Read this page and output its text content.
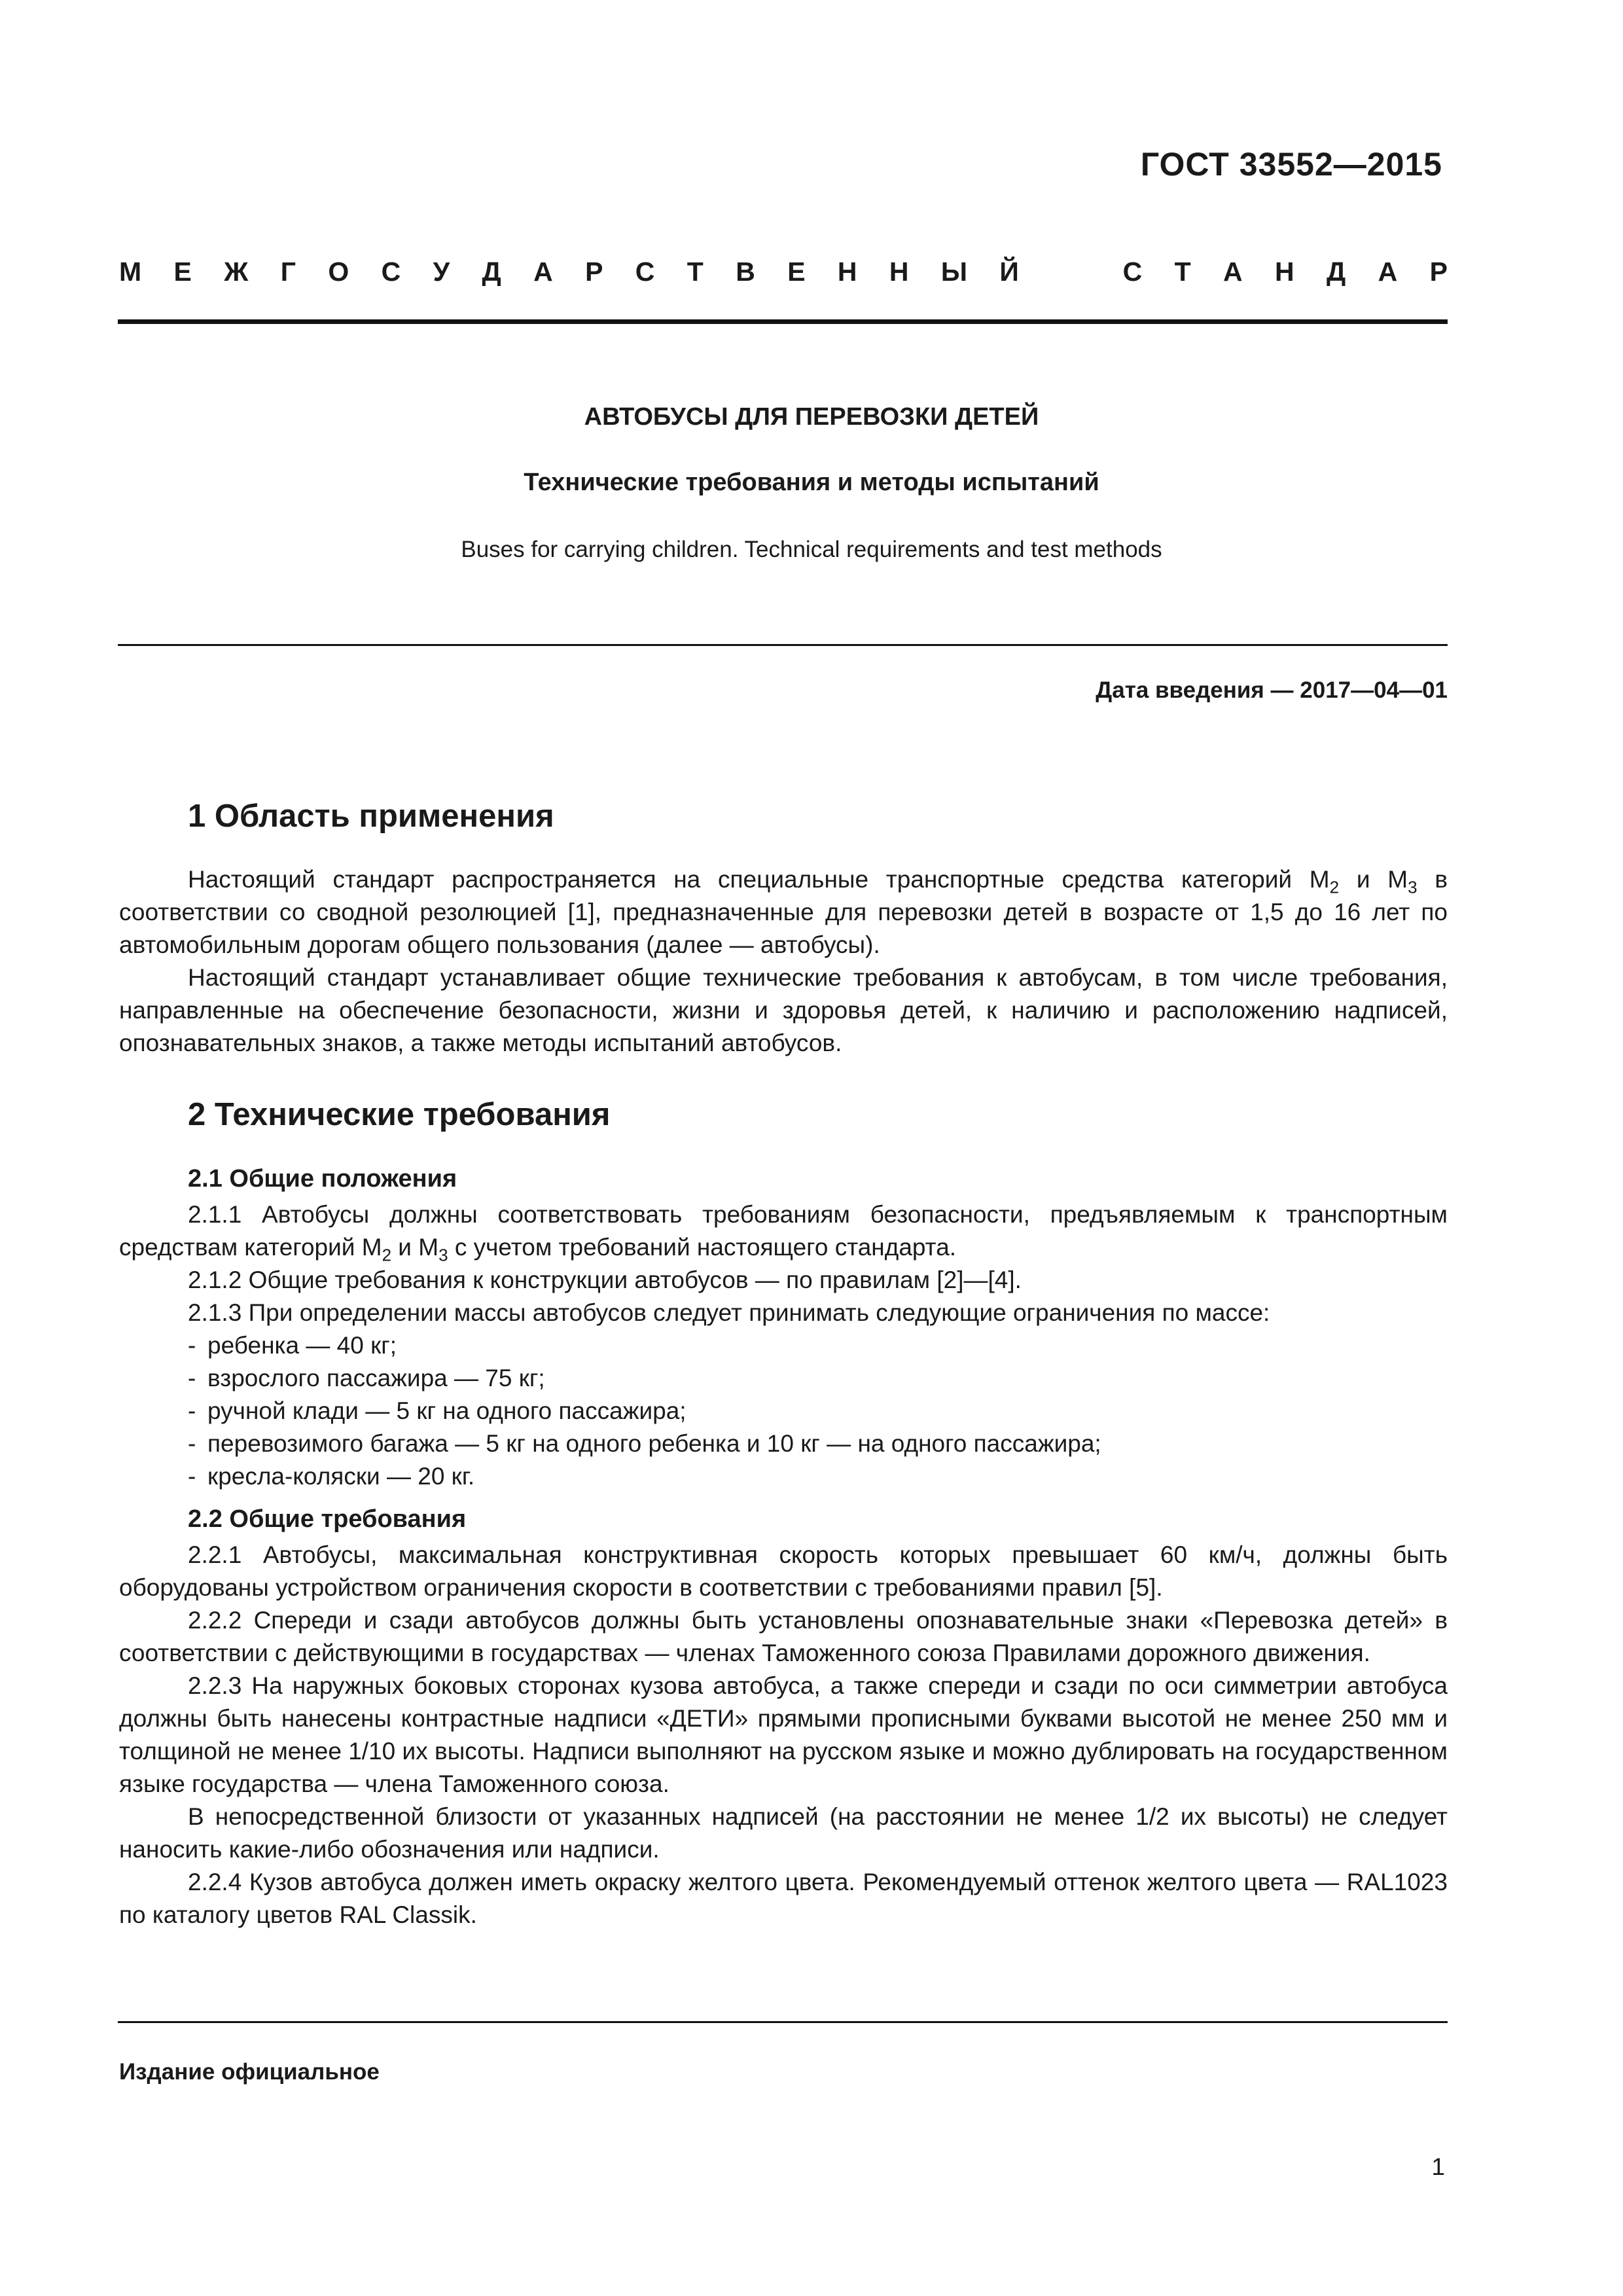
ГОСТ 33552—2015
М Е Ж Г О С У Д А Р С Т В Е Н Н Ы Й	С Т А Н Д А Р
АВТОБУСЫ ДЛЯ ПЕРЕВОЗКИ ДЕТЕЙ
Технические требования и методы испытаний
Buses for carrying children. Technical requirements and test methods
Дата введения — 2017—04—01
1 Область применения

Настоящий стандарт распространяется на специальные транспортные средства категорий $M_2$ и $M_3$ в соответствии со сводной резолюцией [1], предназначенные для перевозки детей в возрасте от 1,5 до 16 лет по автомобильным дорогам общего пользования (далее — автобусы).

Настоящий стандарт устанавливает общие технические требования к автобусам, в том числе требования, направленные на обеспечение безопасности, жизни и здоровья детей, к наличию и расположению надписей, опознавательных знаков, а также методы испытаний автобусов.

2 Технические требования
2.1 Общие положения

2.1.1 Автобусы должны соответствовать требованиям безопасности, предъявляемым к транспортным средствам категорий $M_2$ и $M_3$ с учетом требований настоящего стандарта.

2.1.2 Общие требования к конструкции автобусов — по правилам [2]—[4].

2.1.3 При определении массы автобусов следует принимать следующие ограничения по массе:

- ребенка — 40 кг;
- взрослого пассажира — 75 кг;
- ручной клади — 5 кг на одного пассажира;
- перевозимого багажа — 5 кг на одного ребенка и 10 кг — на одного пассажира;
- кресла-коляски — 20 кг.
2.2 Общие требования

2.2.1 Автобусы, максимальная конструктивная скорость которых превышает 60 км/ч, должны быть оборудованы устройством ограничения скорости в соответствии с требованиями правил [5].

2.2.2 Спереди и сзади автобусов должны быть установлены опознавательные знаки «Перевозка детей» в соответствии с действующими в государствах — членах Таможенного союза Правилами дорожного движения.

2.2.3 На наружных боковых сторонах кузова автобуса, а также спереди и сзади по оси симметрии автобуса должны быть нанесены контрастные надписи «ДЕТИ» прямыми прописными буквами высотой не менее 250 мм и толщиной не менее 1/10 их высоты. Надписи выполняют на русском языке и можно дублировать на государственном языке государства — члена Таможенного союза.

В непосредственной близости от указанных надписей (на расстоянии не менее 1/2 их высоты) не следует наносить какие-либо обозначения или надписи.

2.2.4 Кузов автобуса должен иметь окраску желтого цвета. Рекомендуемый оттенок желтого цвета — RAL1023 по каталогу цветов RAL Classik.

Издание официальное
1
